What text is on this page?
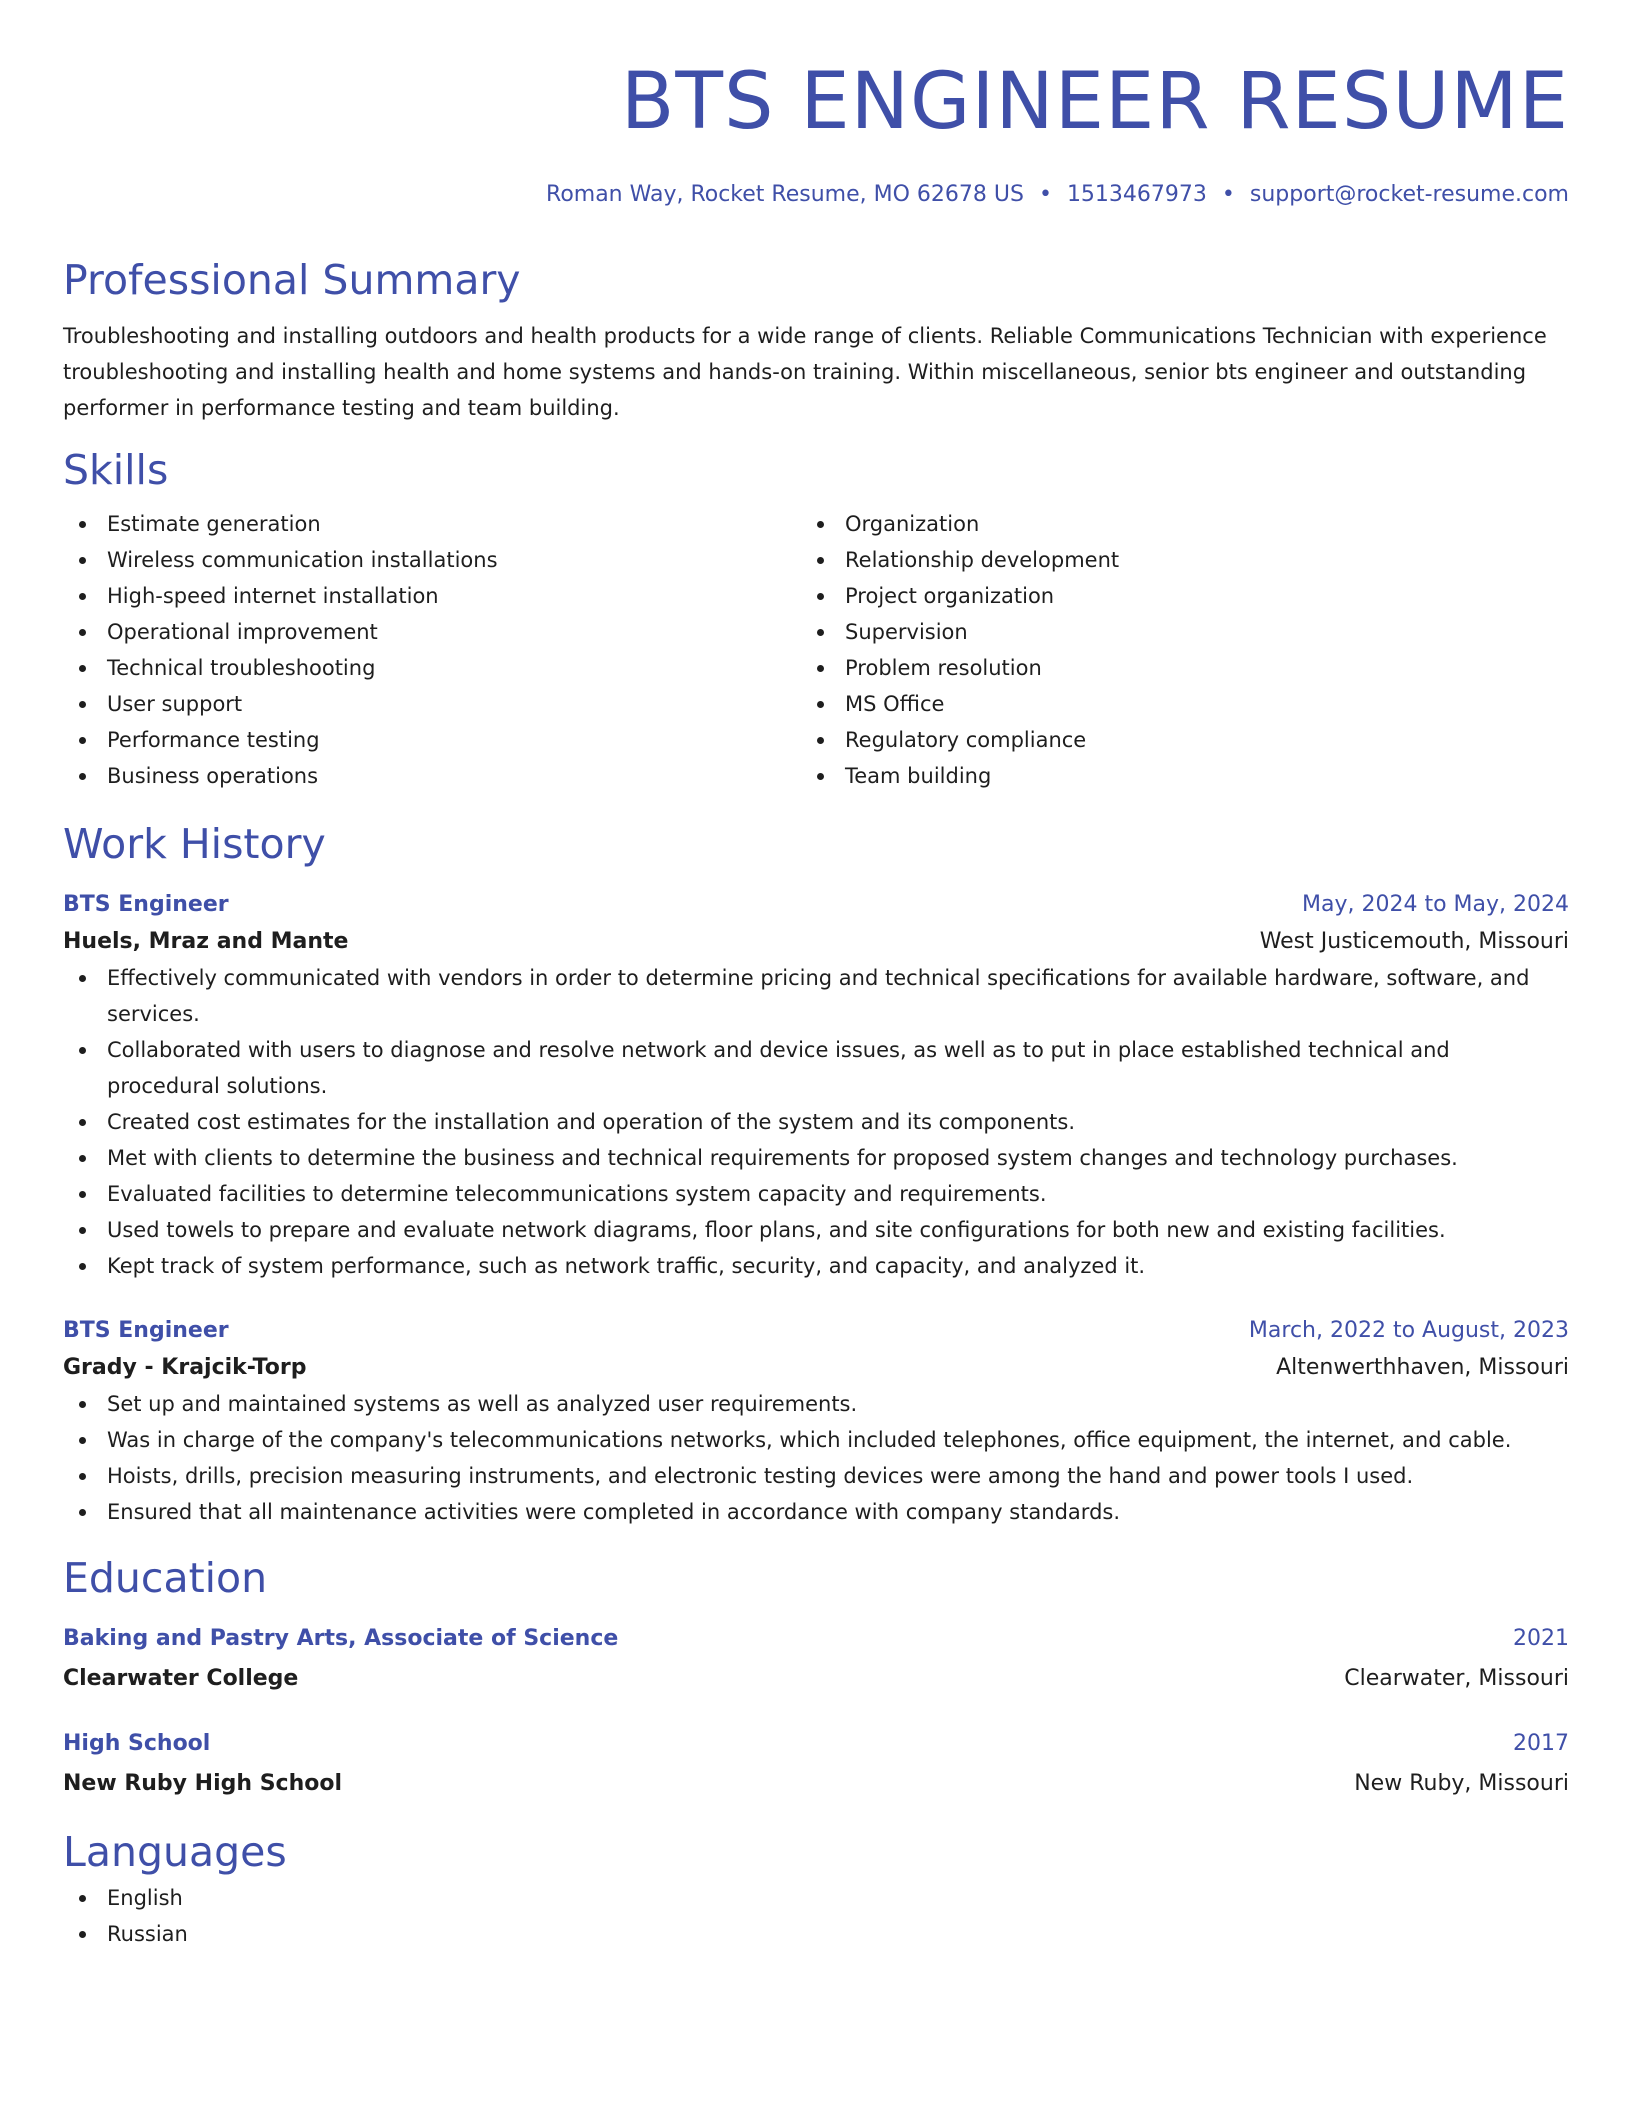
BTS ENGINEER RESUME
Roman Way, Rocket Resume, MO 62678 US • 1513467973 • support@rocket-resume.com
Professional Summary

Troubleshooting and installing outdoors and health products for a wide range of clients. Reliable Communications Technician with experience troubleshooting and installing health and home systems and hands-on training. Within miscellaneous, senior bts engineer and outstanding performer in performance testing and team building.

Skills
Estimate generation
Wireless communication installations
High-speed internet installation
Operational improvement
Technical troubleshooting
User support
Performance testing
Business operations
Organization
Relationship development
Project organization
Supervision
Problem resolution
MS Office
Regulatory compliance
Team building
Work History
BTS Engineer	May, 2024 to May, 2024
Huels, Mraz and Mante	West Justicemouth, Missouri
Effectively communicated with vendors in order to determine pricing and technical specifications for available hardware, software, and services.
Collaborated with users to diagnose and resolve network and device issues, as well as to put in place established technical and procedural solutions.
Created cost estimates for the installation and operation of the system and its components.
Met with clients to determine the business and technical requirements for proposed system changes and technology purchases.
Evaluated facilities to determine telecommunications system capacity and requirements.
Used towels to prepare and evaluate network diagrams, floor plans, and site configurations for both new and existing facilities.
Kept track of system performance, such as network traffic, security, and capacity, and analyzed it.
BTS Engineer	March, 2022 to August, 2023
Grady - Krajcik-Torp	Altenwerthhaven, Missouri
Set up and maintained systems as well as analyzed user requirements.
Was in charge of the company's telecommunications networks, which included telephones, office equipment, the internet, and cable.
Hoists, drills, precision measuring instruments, and electronic testing devices were among the hand and power tools I used.
Ensured that all maintenance activities were completed in accordance with company standards.
Education
Baking and Pastry Arts, Associate of Science	2021
Clearwater College	Clearwater, Missouri
High School	2017
New Ruby High School	New Ruby, Missouri
Languages
English
Russian
